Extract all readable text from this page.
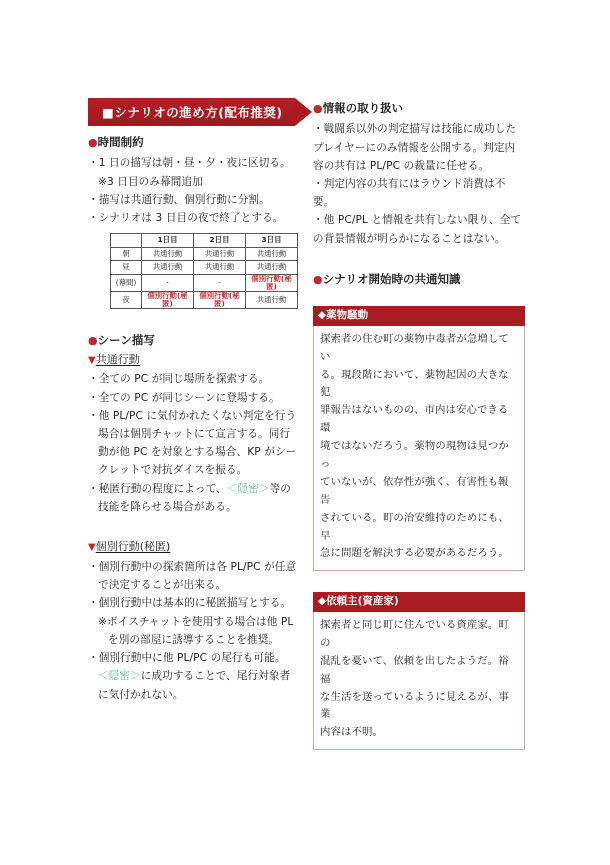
■ シナリオの進め方(配布推奨)
●時間制約

・1 日の描写は朝・昼・夕・夜に区切る。

※3 日目のみ幕間追加

・描写は共通行動、個別行動に分割。

・シナリオは 3 日目の夜で終了とする。

	1日目	2日目	3日目
朝	共通行動	共通行動	共通行動
昼	共通行動	共通行動	共通行動
(幕間)	-	-	個別行動(秘匿)
夜	個別行動(秘匿)	個別行動(秘匿)	共通行動
●シーン描写
▼共通行動

・全ての PC が同じ場所を探索する。

・全ての PC が同じシーンに登場する。

・他 PL/PC に気付かれたくない判定を行う

場合は個別チャットにて宣言する。同行

動が他 PC を対象とする場合、KP がシー

クレットで対抗ダイスを振る。

・秘匿行動の程度によって、＜隠密＞等の

技能を降らせる場合がある。

▼個別行動(秘匿)

・個別行動中の探索箇所は各 PL/PC が任意

で決定することが出来る。

・個別行動中は基本的に秘匿描写とする。

※ボイスチャットを使用する場合は他 PL

を別の部屋に誘導することを推奨。

・個別行動中に他 PL/PC の尾行も可能。

＜隠密＞に成功することで、尾行対象者

に気付かれない。

●情報の取り扱い

・戦闘系以外の判定描写は技能に成功した

プレイヤーにのみ情報を公開する。判定内

容の共有は PL/PC の裁量に任せる。

・判定内容の共有にはラウンド消費は不要。

・他 PC/PL と情報を共有しない限り、全て

の背景情報が明らかになることはない。

●シナリオ開始時の共通知識
◆薬物騒動

探索者の住む町の薬物中毒者が急増してい

る。現段階において、薬物起因の大きな犯

罪報告はないものの、市内は安心できる環

境ではないだろう。薬物の現物は見つかっ

ていないが、依存性が強く、有害性も報告

されている。町の治安維持のためにも、早

急に問題を解決する必要があるだろう。

◆依頼主(資産家)

探索者と同じ町に住んでいる資産家。町の

混乱を憂いて、依頼を出したようだ。裕福

な生活を送っているように見えるが、事業

内容は不明。
